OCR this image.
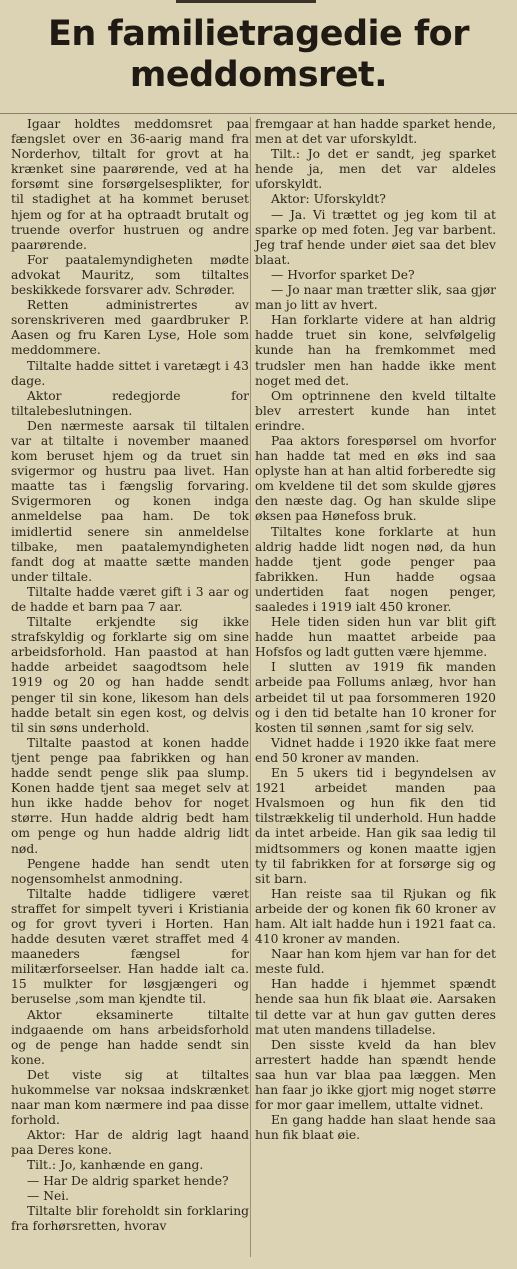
En familietragedie for
meddomsret.

Igaar holdtes meddomsret paa fængslet over en 36-aarig mand fra Norderhov, tiltalt for grovt at ha krænket sine paarørende, ved at ha forsømt sine forsørgelsesplikter, for til stadighet at ha kommet beruset hjem og for at ha optraadt brutalt og truende overfor hustruen og andre paarørende.

For paatalemyndigheten mødte advokat Mauritz, som tiltaltes beskikkede forsvarer adv. Schrøder.

Retten administrertes av sorenskriveren med gaardbruker P. Aasen og fru Karen Lyse, Hole som meddommere.

Tiltalte hadde sittet i varetægt i 43 dage.

Aktor redegjorde for tiltalebeslutningen.

Den nærmeste aarsak til tiltalen var at tiltalte i november maaned kom beruset hjem og da truet sin svigermor og hustru paa livet. Han maatte tas i fængslig forvaring. Svigermoren og konen indga anmeldelse paa ham. De tok imidlertid senere sin anmeldelse tilbake, men paatalemyndigheten fandt dog at maatte sætte manden under tiltale.

Tiltalte hadde været gift i 3 aar og de hadde et barn paa 7 aar.

Tiltalte erkjendte sig ikke strafskyldig og forklarte sig om sine arbeidsforhold. Han paastod at han hadde arbeidet saagodtsom hele 1919 og 20 og han hadde sendt penger til sin kone, likesom han dels hadde betalt sin egen kost, og delvis til sin søns underhold.

Tiltalte paastod at konen hadde tjent penge paa fabrikken og han hadde sendt penge slik paa slump. Konen hadde tjent saa meget selv at hun ikke hadde behov for noget større. Hun hadde aldrig bedt ham om penge og hun hadde aldrig lidt nød.

Pengene hadde han sendt uten nogensomhelst anmodning.

Tiltalte hadde tidligere været straffet for simpelt tyveri i Kristiania og for grovt tyveri i Horten. Han hadde desuten været straffet med 4 maaneders fængsel for militærforseelser. Han hadde ialt ca. 15 mulkter for løsgjængeri og beruselse ,som man kjendte til.

Aktor eksaminerte tiltalte indgaaende om hans arbeidsforhold og de penge han hadde sendt sin kone.

Det viste sig at tiltaltes hukommelse var noksaa indskrænket naar man kom nærmere ind paa disse forhold.

Aktor: Har de aldrig lagt haand paa Deres kone.

Tilt.: Jo, kanhænde en gang.

— Har De aldrig sparket hende?

— Nei.

Tiltalte blir foreholdt sin forklaring fra forhørsretten, hvorav

fremgaar at han hadde sparket hende, men at det var uforskyldt.

Tilt.: Jo det er sandt, jeg sparket hende ja, men det var aldeles uforskyldt.

Aktor: Uforskyldt?

— Ja. Vi trættet og jeg kom til at sparke op med foten. Jeg var barbent. Jeg traf hende under øiet saa det blev blaat.

— Hvorfor sparket De?

— Jo naar man trætter slik, saa gjør man jo litt av hvert.

Han forklarte videre at han aldrig hadde truet sin kone, selvfølgelig kunde han ha fremkommet med trudsler men han hadde ikke ment noget med det.

Om optrinnene den kveld tiltalte blev arrestert kunde han intet erindre.

Paa aktors forespørsel om hvorfor han hadde tat med en øks ind saa oplyste han at han altid forberedte sig om kveldene til det som skulde gjøres den næste dag. Og han skulde slipe øksen paa Hønefoss bruk.

Tiltaltes kone forklarte at hun aldrig hadde lidt nogen nød, da hun hadde tjent gode penger paa fabrikken. Hun hadde ogsaa undertiden faat nogen penger, saaledes i 1919 ialt 450 kroner.

Hele tiden siden hun var blit gift hadde hun maattet arbeide paa Hofsfos og ladt gutten være hjemme.

I slutten av 1919 fik manden arbeide paa Follums anlæg, hvor han arbeidet til ut paa forsommeren 1920 og i den tid betalte han 10 kroner for kosten til sønnen ,samt for sig selv.

Vidnet hadde i 1920 ikke faat mere end 50 kroner av manden.

En 5 ukers tid i begyndelsen av 1921 arbeidet manden paa Hvalsmoen og hun fik den tid tilstrækkelig til underhold. Hun hadde da intet arbeide. Han gik saa ledig til midtsommers og konen maatte igjen ty til fabrikken for at forsørge sig og sit barn.

Han reiste saa til Rjukan og fik arbeide der og konen fik 60 kroner av ham. Alt ialt hadde hun i 1921 faat ca. 410 kroner av manden.

Naar han kom hjem var han for det meste fuld.

Han hadde i hjemmet spændt hende saa hun fik blaat øie. Aarsaken til dette var at hun gav gutten deres mat uten mandens tilladelse.

Den sisste kveld da han blev arrestert hadde han spændt hende saa hun var blaa paa læggen. Men han faar jo ikke gjort mig noget større for mor gaar imellem, uttalte vidnet.

En gang hadde han slaat hende saa hun fik blaat øie.
